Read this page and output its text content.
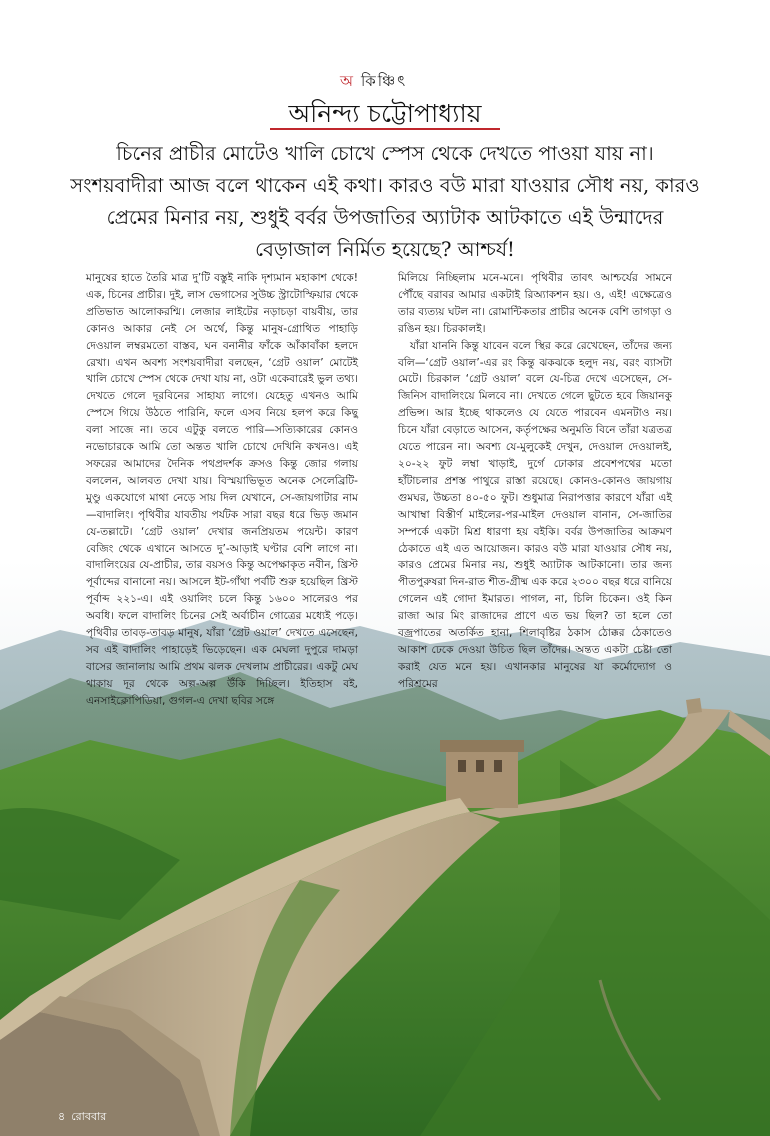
অ কিঞ্চিৎ
অনিন্দ্য চট্টোপাধ্যায়
চিনের প্রাচীর মোটেও খালি চোখে স্পেস থেকে দেখতে পাওয়া যায় না। সংশয়বাদীরা আজ বলে থাকেন এই কথা। কারও বউ মারা যাওয়ার সৌধ নয়, কারও প্রেমের মিনার নয়, শুধুই বর্বর উপজাতির অ্যাটাক আটকাতে এই উন্মাদের বেড়াজাল নির্মিত হয়েছে? আশ্চর্য!

মানুষের হাতে তৈরি মাত্র দু’টি বস্তুই নাকি দৃশ্যমান মহাকাশ থেকে! এক, চিনের প্রাচীর। দুই, লাস ভেগাসের সুউচ্চ স্ট্রাটোস্ফিয়ার থেকে প্রতিভাত আলোকরশ্মি। লেজার লাইটের নড়াচড়া বায়বীয়, তার কোনও আকার নেই সে অর্থে, কিন্তু মানুষ-গ্রোথিত পাহাড়ি দেওয়াল লম্বরমতো বাস্তব, ঘন বনানীর ফাঁকে আঁকাবাঁকা হলদে রেখা। এখন অবশ্য সংশয়বাদীরা বলছেন, ‘গ্রেট ওয়াল’ মোটেই খালি চোখে স্পেস থেকে দেখা যায় না, ওটা একেবারেই ভুল তথ্য। দেখতে গেলে দূরবিনের সাহায্য লাগে। যেহেতু এখনও আমি স্পেসে গিয়ে উঠতে পারিনি, ফলে এসব নিয়ে হলপ করে কিছু বলা সাজে না। তবে এটুকু বলতে পারি—সত্যিকারের কোনও নভোচারকে আমি তো অন্তত খালি চোখে দেখিনি কখনও। এই সফরের আমাদের দৈনিক পথপ্রদর্শক ক্রসও কিন্তু জোর গলায় বললেন, আলবত দেখা যায়। বিস্ময়াভিভূত অনেক সেলেব্রিটি-মুণ্ডু একযোগে মাথা নেড়ে সায় দিল যেখানে, সে-জায়গাটার নাম—বাদালিং। পৃথিবীর যাবতীয় পর্যটক সারা বছর ধরে ভিড় জমান যে-তল্লাটে। ‘গ্রেট ওয়াল’ দেখার জনপ্রিয়তম পয়েন্ট। কারণ বেজিং থেকে এখানে আসতে দু’-আড়াই ঘণ্টার বেশি লাগে না। বাদালিংয়ের যে-প্রাচীর, তার বয়সও কিন্তু অপেক্ষাকৃত নবীন, খ্রিস্ট পূর্বাব্দের বানানো নয়। আসলে ইট-গাঁথা পর্বটি শুরু হয়েছিল খ্রিস্ট পূর্বাব্দ ২২১-এ। এই ওয়ালিং চলে কিন্তু ১৬০০ সালেরও পর অবধি। ফলে বাদালিং চিনের সেই অর্বাচীন গোত্রের মধ্যেই পড়ে। পৃথিবীর তাবড়-তাবড় মানুষ, যাঁরা ‘গ্রেট ওয়াল’ দেখতে এসেছেন, সব এই বাদালিং পাহাড়েই ভিড়েছেন। এক মেঘলা দুপুরে দামড়া বাসের জানালায় আমি প্রথম ঝলক দেখলাম প্রাচীরের। একটু মেঘ থাকায় দূর থেকে অল্প-অল্প উঁকি দিচ্ছিল। ইতিহাস বই, এনসাইক্লোপিডিয়া, গুগল-এ দেখা ছবির সঙ্গে

মিলিয়ে নিচ্ছিলাম মনে-মনে। পৃথিবীর তাবৎ আশ্চর্যের সামনে পৌঁছে বরাবর আমার একটাই রিঅ্যাকশন হয়। ও, এই! এক্ষেত্রেও তার ব্যত্যয় ঘটল না। রোমান্টিকতার প্রাচীর অনেক বেশি তাগড়া ও রঙিন হয়। চিরকালই।

যাঁরা যাননি কিন্তু যাবেন বলে স্থির করে রেখেছেন, তাঁদের জন্য বলি—‘গ্রেট ওয়াল’-এর রং কিন্তু ঝকঝকে হলুদ নয়, বরং ব্যাসটা মেটে। চিরকাল ‘গ্রেট ওয়াল’ বলে যে-চিত্র দেখে এসেছেন, সে-জিনিস বাদালিংয়ে মিলবে না। দেখতে গেলে ছুটতে হবে জিয়ানকু প্রভিন্স। আর ইচ্ছে থাকলেও যে যেতে পারবেন এমনটাও নয়। চিনে যাঁরা বেড়াতে আসেন, কর্তৃপক্ষের অনুমতি বিনে তাঁরা যত্রতত্র যেতে পারেন না। অবশ্য যে-মুলুকেই দেখুন, দেওয়াল দেওয়ালই, ২০-২২ ফুট লম্বা খাড়াই, দুর্গে ঢোকার প্রবেশপথের মতো হাঁটাচলার প্রশস্ত পাথুরে রাস্তা রয়েছে। কোনও-কোনও জায়গায় গুমঘর, উচ্চতা ৪০-৫০ ফুট। শুধুমাত্র নিরাপত্তার কারণে যাঁরা এই আখাম্বা বিস্তীর্ণ মাইলের-পর-মাইল দেওয়াল বানান, সে-জাতির সম্পর্কে একটা মিশ্র ধারণা হয় বইকি। বর্বর উপজাতির আক্রমণ ঠেকাতে এই এত আয়োজন। কারও বউ মারা যাওয়ার সৌধ নয়, কারও প্রেমের মিনার নয়, শুধুই অ্যাটাক আটকানো। তার জন্য পীতপুরুষরা দিন-রাত শীত-গ্রীষ্ম এক করে ২৩০০ বছর ধরে বানিয়ে গেলেন এই গোদা ইমারত। পাগল, না, চিলি চিকেন। ওই কিন রাজা আর মিং রাজাদের প্রাণে এত ভয় ছিল? তা হলে তো বজ্রপাতের অতর্কিত হানা, শিলাবৃষ্টির ঠকাস ঠোক্কর ঠেকাতেও আকাশ ঢেকে দেওয়া উচিত ছিল তাঁদের। অন্তত একটা চেষ্টা তো করাই যেত মনে হয়। এখানকার মানুষের যা কর্মোদ্যোগ ও পরিশ্রমের

৪ রোববার
